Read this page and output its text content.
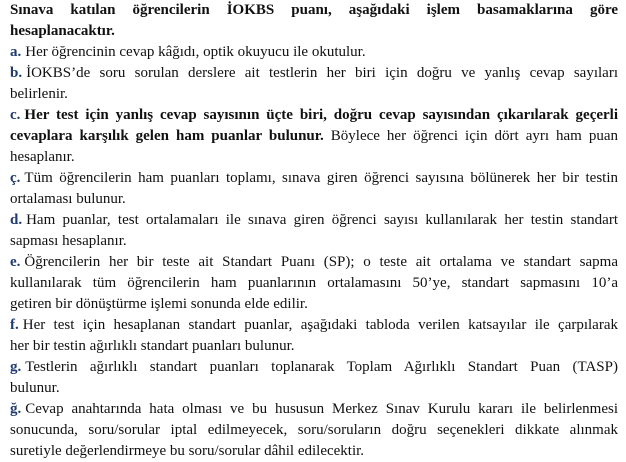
Sınava katılan öğrencilerin İOKBS puanı, aşağıdaki işlem basamaklarına göre
hesaplanacaktır.
a. Her öğrencinin cevap kâğıdı, optik okuyucu ile okutulur.
b. İOKBS’de soru sorulan derslere ait testlerin her biri için doğru ve yanlış cevap sayıları
belirlenir.
c. Her test için yanlış cevap sayısının üçte biri, doğru cevap sayısından çıkarılarak geçerli
cevaplara karşılık gelen ham puanlar bulunur. Böylece her öğrenci için dört ayrı ham puan
hesaplanır.
ç. Tüm öğrencilerin ham puanları toplamı, sınava giren öğrenci sayısına bölünerek her bir testin
ortalaması bulunur.
d. Ham puanlar, test ortalamaları ile sınava giren öğrenci sayısı kullanılarak her testin standart
sapması hesaplanır.
e. Öğrencilerin her bir teste ait Standart Puanı (SP); o teste ait ortalama ve standart sapma
kullanılarak tüm öğrencilerin ham puanlarının ortalamasını 50’ye, standart sapmasını 10’a
getiren bir dönüştürme işlemi sonunda elde edilir.
f. Her test için hesaplanan standart puanlar, aşağıdaki tabloda verilen katsayılar ile çarpılarak
her bir testin ağırlıklı standart puanları bulunur.
g. Testlerin ağırlıklı standart puanları toplanarak Toplam Ağırlıklı Standart Puan (TASP)
bulunur.
ğ. Cevap anahtarında hata olması ve bu hususun Merkez Sınav Kurulu kararı ile belirlenmesi
sonucunda, soru/sorular iptal edilmeyecek, soru/soruların doğru seçenekleri dikkate alınmak
suretiyle değerlendirmeye bu soru/sorular dâhil edilecektir.
